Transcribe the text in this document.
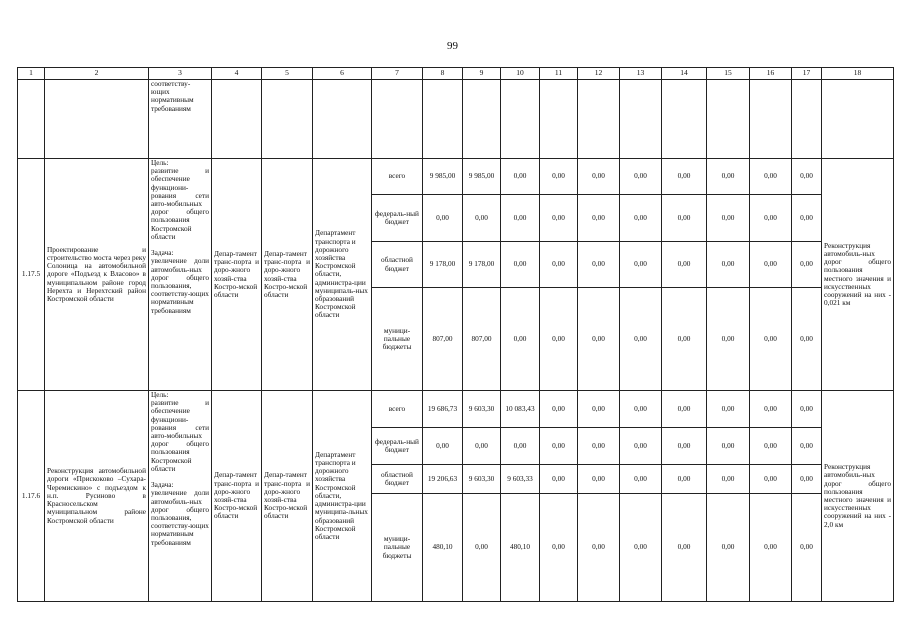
99
1	2	3	4	5	6	7	8	9	10	11	12	13	14	15	16	17	18
		соответству-
ющих
нормативным
требованиям															
1.17.5	Проектирование и строительство моста через реку Солоница на автомобильной дороге «Подъезд к Власово» в муниципальном районе город Нерехта и Нерехтский район Костромской области	Цель:
развитие и обеспечение функциони-рования сети авто-мобильных дорог общего пользования Костромской области

Задача:
увеличение доли автомобиль-ных дорог общего пользования, соответству-ющих нормативным требованиям	Депар-тамент транс-порта и доро-жного хозяй-ства Костро-мской области	Депар-тамент транс-порта и доро-жного хозяй-ства Костро-мской области	Департамент транспорта и дорожного хозяйства Костромской области, администра-ции муниципаль-ных образований Костромской области	всего	9 985,00	9 985,00	0,00	0,00	0,00	0,00	0,00	0,00	0,00	0,00	Реконструкция автомобиль-ных дорог общего пользования местного значения и искусственных сооружений на них - 0,021 км
						федераль-ный бюджет	0,00	0,00	0,00	0,00	0,00	0,00	0,00	0,00	0,00	0,00	
						областной бюджет	9 178,00	9 178,00	0,00	0,00	0,00	0,00	0,00	0,00	0,00	0,00	
						муници-пальные бюджеты	807,00	807,00	0,00	0,00	0,00	0,00	0,00	0,00	0,00	0,00	
1.17.6	Реконструкция автомобильной дороги «Прискоково –Сухара-Черемискино» с подъездом к н.п. Русиново в Красносельском муниципальном районе Костромской области	Цель:
развитие и обеспечение функциони-рования сети авто-мобильных дорог общего пользования Костромской области

Задача:
увеличение доли автомобиль-ных дорог общего пользования, соответству-ющих нормативным требованиям	Депар-тамент транс-порта и доро-жного хозяй-ства Костро-мской области	Депар-тамент транс-порта и доро-жного хозяй-ства Костро-мской области	Департамент транспорта и дорожного хозяйства Костромской области, администра-ции муниципа-льных образований Костромской области	всего	19 686,73	9 603,30	10 083,43	0,00	0,00	0,00	0,00	0,00	0,00	0,00	Реконструкция автомобиль-ных дорог общего пользования местного значения и искусственных сооружений на них - 2,0 км
						федераль-ный бюджет	0,00	0,00	0,00	0,00	0,00	0,00	0,00	0,00	0,00	0,00	
						областной бюджет	19 206,63	9 603,30	9 603,33	0,00	0,00	0,00	0,00	0,00	0,00	0,00	
						муници-пальные бюджеты	480,10	0,00	480,10	0,00	0,00	0,00	0,00	0,00	0,00	0,00	
